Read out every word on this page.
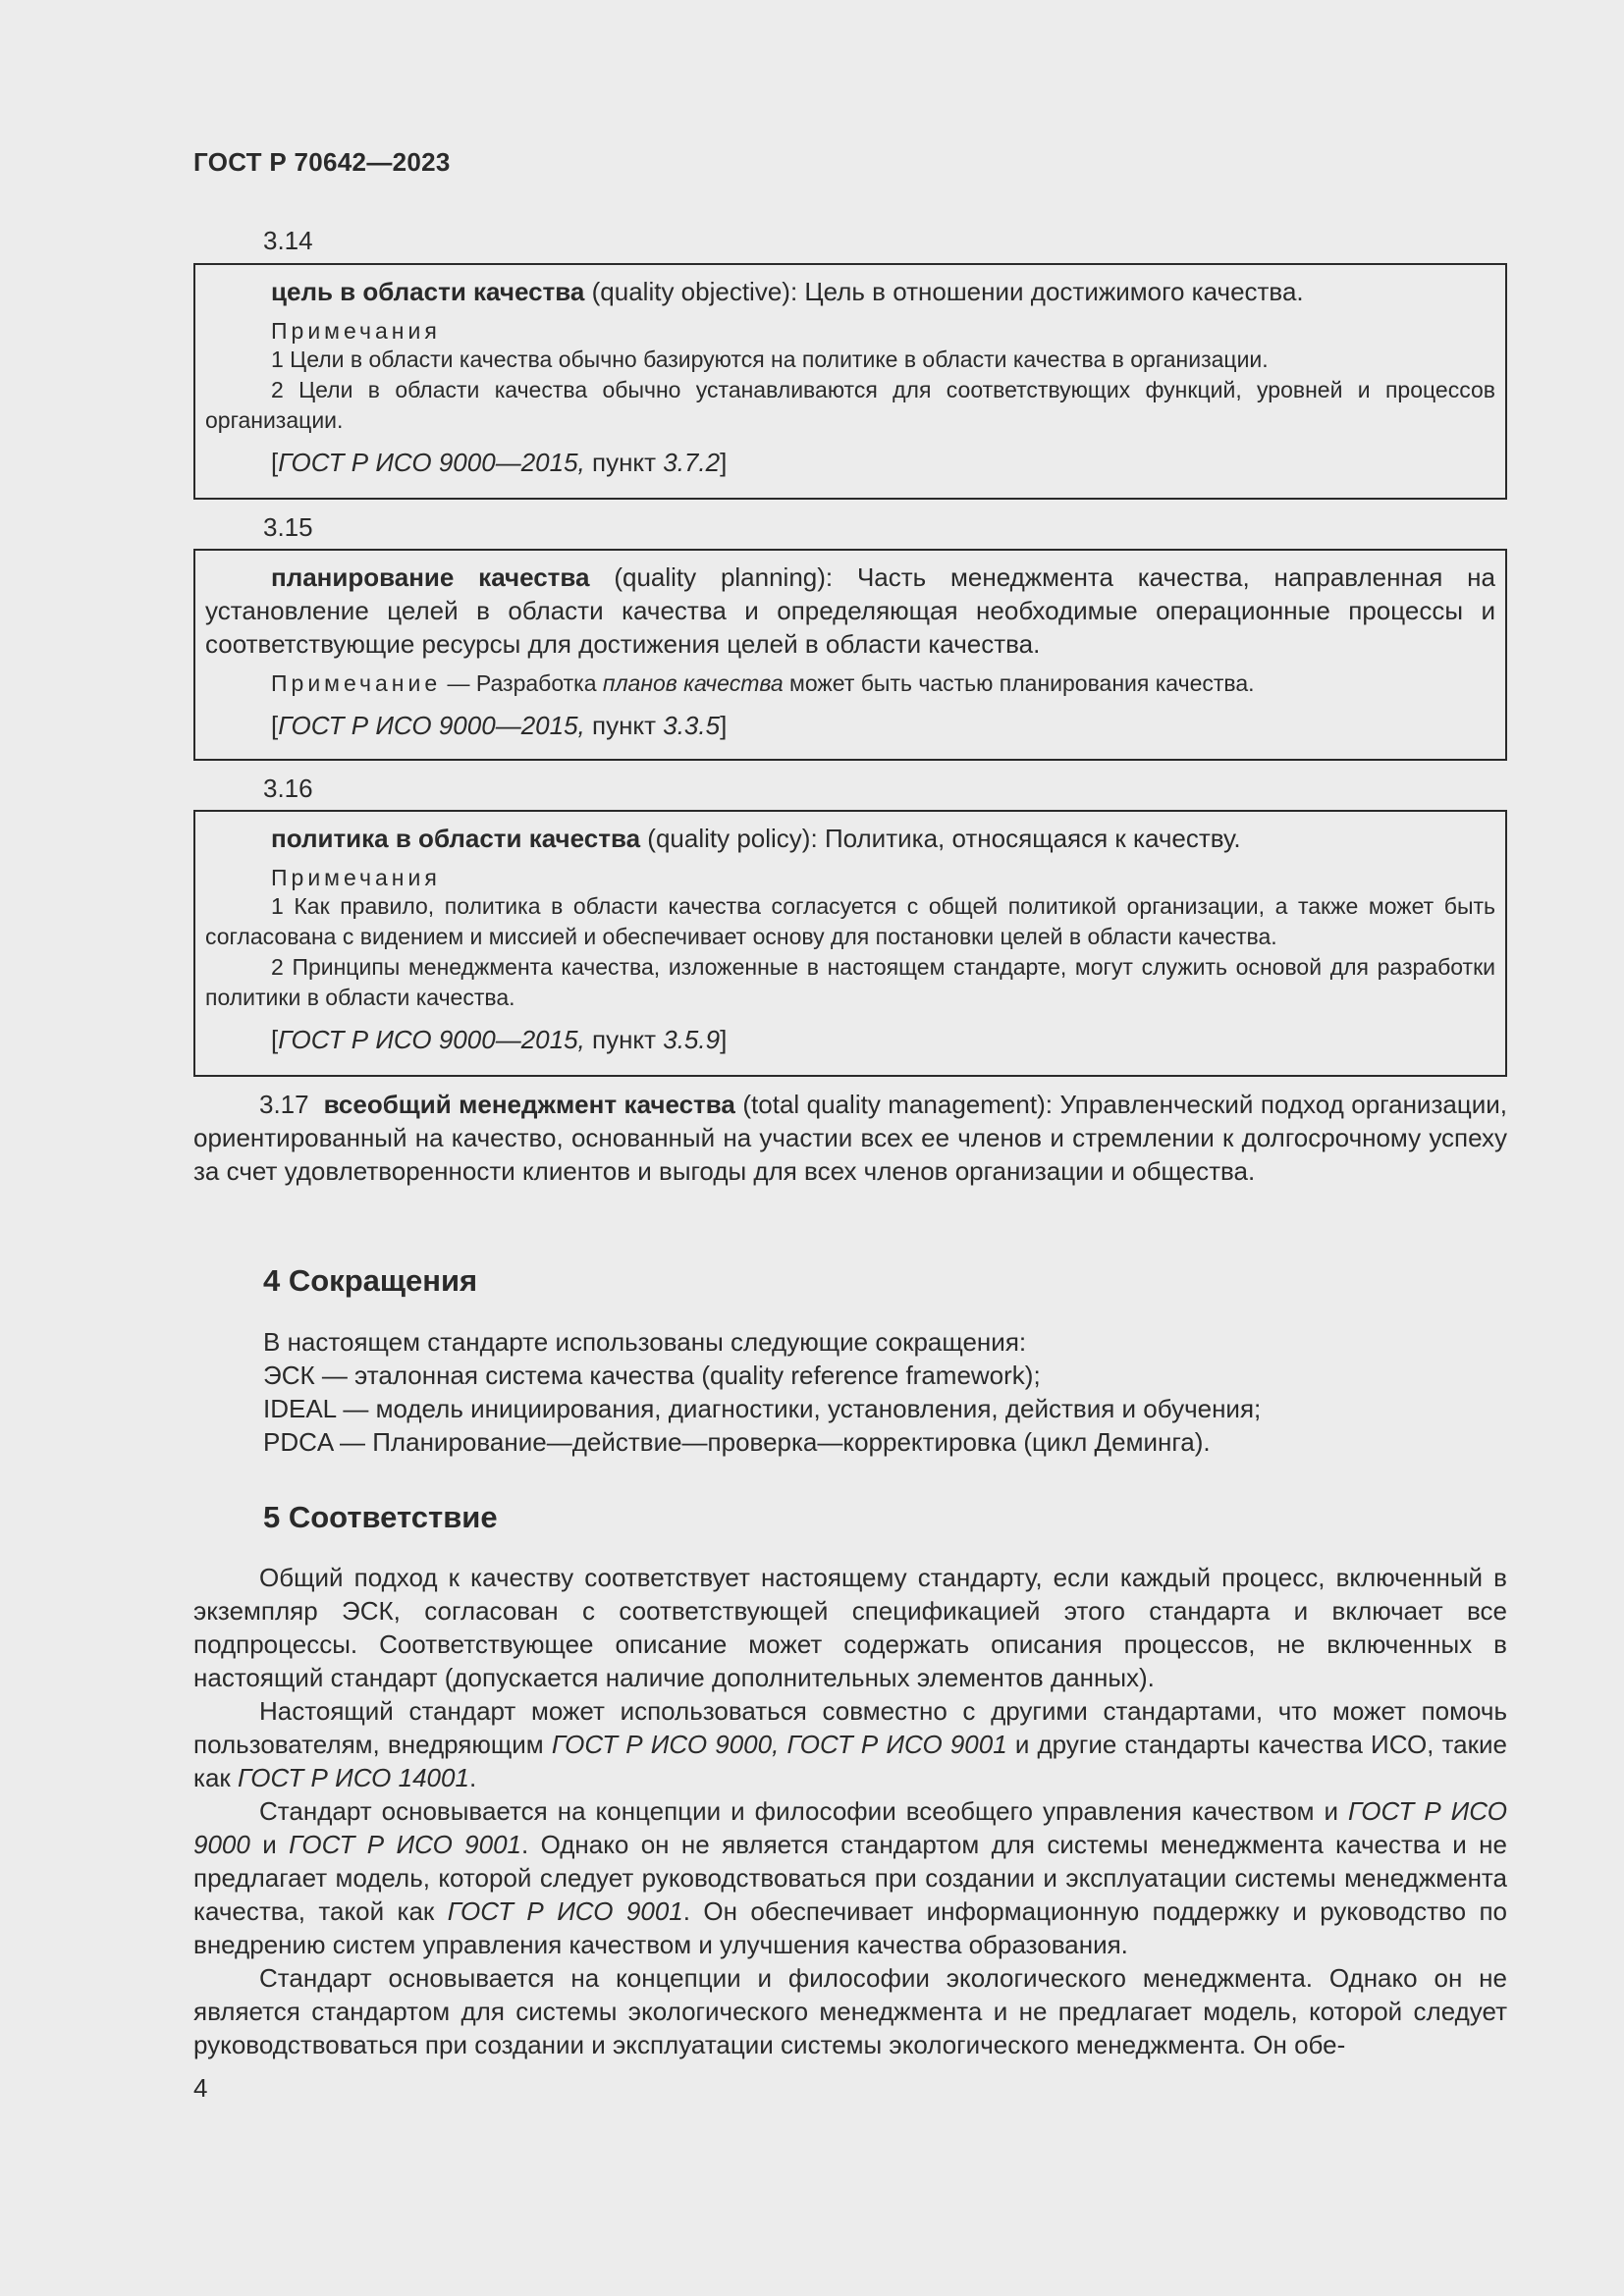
ГОСТ Р 70642—2023
3.14

цель в области качества (quality objective): Цель в отношении достижимого качества.

Примечания

1 Цели в области качества обычно базируются на политике в области качества в организации.

2 Цели в области качества обычно устанавливаются для соответствующих функций, уровней и процессов организации.

[ГОСТ Р ИСО 9000—2015, пункт 3.7.2]

3.15

планирование качества (quality planning): Часть менеджмента качества, направленная на установление целей в области качества и определяющая необходимые операционные процессы и соответствующие ресурсы для достижения целей в области качества.

Примечание — Разработка планов качества может быть частью планирования качества.

[ГОСТ Р ИСО 9000—2015, пункт 3.3.5]

3.16

политика в области качества (quality policy): Политика, относящаяся к качеству.

Примечания

1 Как правило, политика в области качества согласуется с общей политикой организации, а также может быть согласована с видением и миссией и обеспечивает основу для постановки целей в области качества.

2 Принципы менеджмента качества, изложенные в настоящем стандарте, могут служить основой для разработки политики в области качества.

[ГОСТ Р ИСО 9000—2015, пункт 3.5.9]

3.17 всеобщий менеджмент качества (total quality management): Управленческий подход организации, ориентированный на качество, основанный на участии всех ее членов и стремлении к долгосрочному успеху за счет удовлетворенности клиентов и выгоды для всех членов организации и общества.

4 Сокращения

В настоящем стандарте использованы следующие сокращения:

ЭСК — эталонная система качества (quality reference framework);

IDEAL — модель инициирования, диагностики, установления, действия и обучения;

PDCA — Планирование—действие—проверка—корректировка (цикл Деминга).

5 Соответствие

Общий подход к качеству соответствует настоящему стандарту, если каждый процесс, включенный в экземпляр ЭСК, согласован с соответствующей спецификацией этого стандарта и включает все подпроцессы. Соответствующее описание может содержать описания процессов, не включенных в настоящий стандарт (допускается наличие дополнительных элементов данных).

Настоящий стандарт может использоваться совместно с другими стандартами, что может помочь пользователям, внедряющим ГОСТ Р ИСО 9000, ГОСТ Р ИСО 9001 и другие стандарты качества ИСО, такие как ГОСТ Р ИСО 14001.

Стандарт основывается на концепции и философии всеобщего управления качеством и ГОСТ Р ИСО 9000 и ГОСТ Р ИСО 9001. Однако он не является стандартом для системы менеджмента качества и не предлагает модель, которой следует руководствоваться при создании и эксплуатации системы менеджмента качества, такой как ГОСТ Р ИСО 9001. Он обеспечивает информационную поддержку и руководство по внедрению систем управления качеством и улучшения качества образования.

Стандарт основывается на концепции и философии экологического менеджмента. Однако он не является стандартом для системы экологического менеджмента и не предлагает модель, которой следует руководствоваться при создании и эксплуатации системы экологического менеджмента. Он обе-

4
